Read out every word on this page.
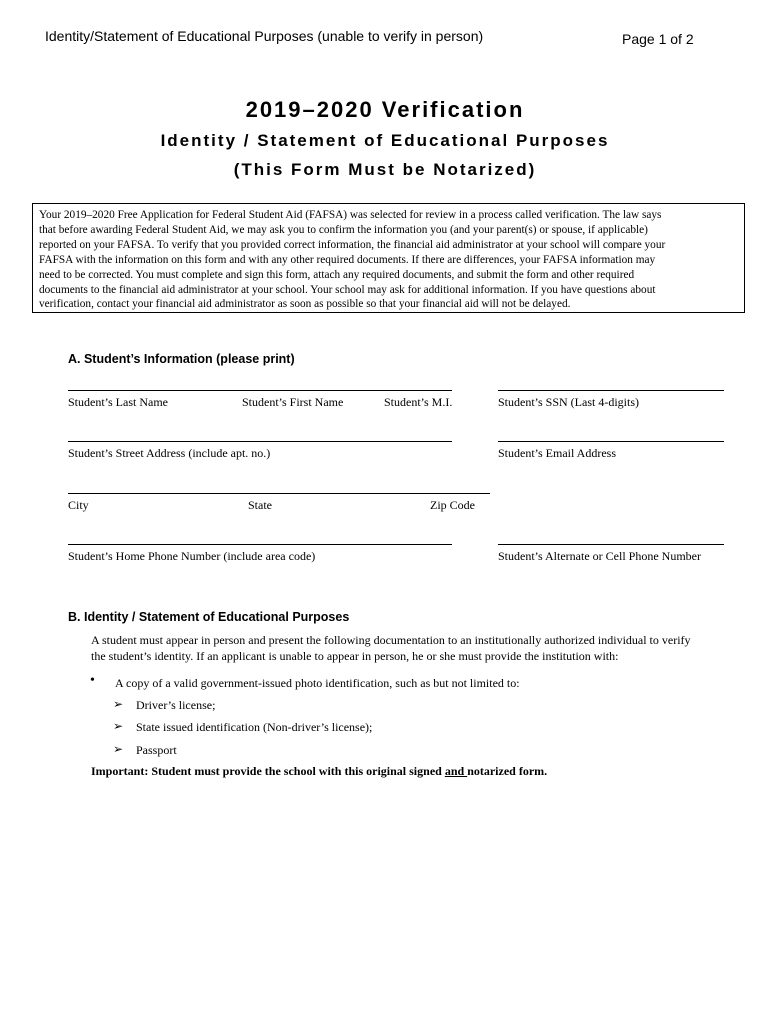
Identity/Statement of Educational Purposes (unable to verify in person)	Page 1 of 2
2019–2020 Verification
Identity / Statement of Educational Purposes
(This Form Must be Notarized)

Your 2019–2020 Free Application for Federal Student Aid (FAFSA) was selected for review in a process called verification. The law says

that before awarding Federal Student Aid, we may ask you to confirm the information you (and your parent(s) or spouse, if applicable)

reported on your FAFSA. To verify that you provided correct information, the financial aid administrator at your school will compare your

FAFSA with the information on this form and with any other required documents. If there are differences, your FAFSA information may

need to be corrected. You must complete and sign this form, attach any required documents, and submit the form and other required

documents to the financial aid administrator at your school. Your school may ask for additional information. If you have questions about

verification, contact your financial aid administrator as soon as possible so that your financial aid will not be delayed.

A. Student’s Information (please print)
Student’s Last Name	Student’s First Name	Student’s M.I.	Student’s SSN (Last 4-digits)
Student’s Street Address (include apt. no.)	Student’s Email Address
City	State	Zip Code
Student’s Home Phone Number (include area code)	Student’s Alternate or Cell Phone Number
B. Identity / Statement of Educational Purposes
A student must appear in person and present the following documentation to an institutionally authorized individual to verify
the student’s identity. If an applicant is unable to appear in person, he or she must provide the institution with:
• A copy of a valid government-issued photo identification, such as but not limited to:
➢ Driver’s license;
➢ State issued identification (Non-driver’s license);
➢ Passport
Important: Student must provide the school with this original signed and notarized form.
